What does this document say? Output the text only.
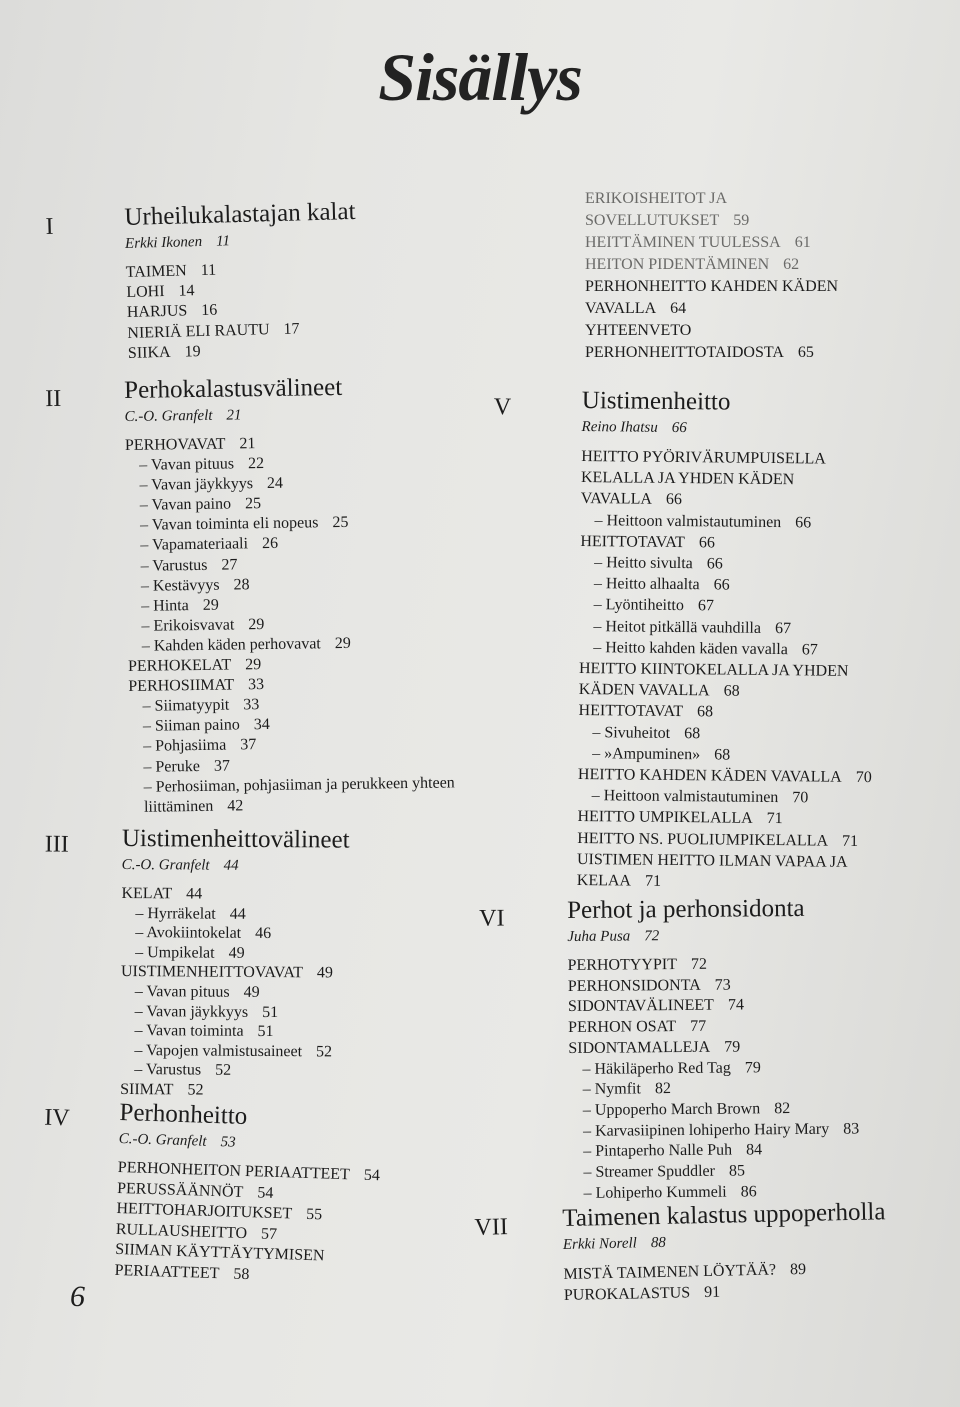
Sisällys
ERIKOISHEITOT JA
SOVELLUTUKSET 59
HEITTÄMINEN TUULESSA 61
HEITON PIDENTÄMINEN 62
PERHONHEITTO KAHDEN KÄDEN
VAVALLA 64
YHTEENVETO
PERHONHEITTOTAIDOSTA 65
I	Urheilukalastajan kalat
Erkki Ikonen 11
TAIMEN 11
LOHI 14
HARJUS 16
NIERIÄ ELI RAUTU 17
SIIKA 19
II	Perhokalastusvälineet
C.-O. Granfelt 21
PERHOVAVAT 21
– Vavan pituus 22
– Vavan jäykkyys 24
– Vavan paino 25
– Vavan toiminta eli nopeus 25
– Vapamateriaali 26
– Varustus 27
– Kestävyys 28
– Hinta 29
– Erikoisvavat 29
– Kahden käden perhovavat 29
PERHOKELAT 29
PERHOSIIMAT 33
– Siimatyypit 33
– Siiman paino 34
– Pohjasiima 37
– Peruke 37
– Perhosiiman, pohjasiiman ja perukkeen yhteen
liittäminen 42
III Uistimenheittovälineet
C.-O. Granfelt 44
KELAT 44
– Hyrräkelat 44
– Avokiintokelat 46
– Umpikelat 49
UISTIMENHEITTOVAVAT 49
– Vavan pituus 49
– Vavan jäykkyys 51
– Vavan toiminta 51
– Vapojen valmistusaineet 52
– Varustus 52
SIIMAT 52
IV Perhonheitto
C.-O. Granfelt 53
PERHONHEITON PERIAATTEET 54
PERUSSÄÄNNÖT 54
HEITTOHARJOITUKSET 55
RULLAUSHEITTO 57
SIIMAN KÄYTTÄYTYMISEN
PERIAATTEET 58
V	Uistimenheitto
Reino Ihatsu 66
HEITTO PYÖRIVÄRUMPUISELLA
KELALLA JA YHDEN KÄDEN
VAVALLA 66
– Heittoon valmistautuminen 66
HEITTOTAVAT 66
– Heitto sivulta 66
– Heitto alhaalta 66
– Lyöntiheitto 67
– Heitot pitkällä vauhdilla 67
– Heitto kahden käden vavalla 67
HEITTO KIINTOKELALLA JA YHDEN
KÄDEN VAVALLA 68
HEITTOTAVAT 68
– Sivuheitot 68
– »Ampuminen» 68
HEITTO KAHDEN KÄDEN VAVALLA 70
– Heittoon valmistautuminen 70
HEITTO UMPIKELALLA 71
HEITTO NS. PUOLIUMPIKELALLA 71
UISTIMEN HEITTO ILMAN VAPAA JA
KELAA 71
VI Perhot ja perhonsidonta
Juha Pusa 72
PERHOTYYPIT 72
PERHONSIDONTA 73
SIDONTAVÄLINEET 74
PERHON OSAT 77
SIDONTAMALLEJA 79
– Häkiläperho Red Tag 79
– Nymfit 82
– Uppoperho March Brown 82
– Karvasiipinen lohiperho Hairy Mary 83
– Pintaperho Nalle Puh 84
– Streamer Spuddler 85
– Lohiperho Kummeli 86
VII Taimenen kalastus uppoperholla
Erkki Norell 88
MISTÄ TAIMENEN LÖYTÄÄ? 89
PUROKALASTUS 91
6
